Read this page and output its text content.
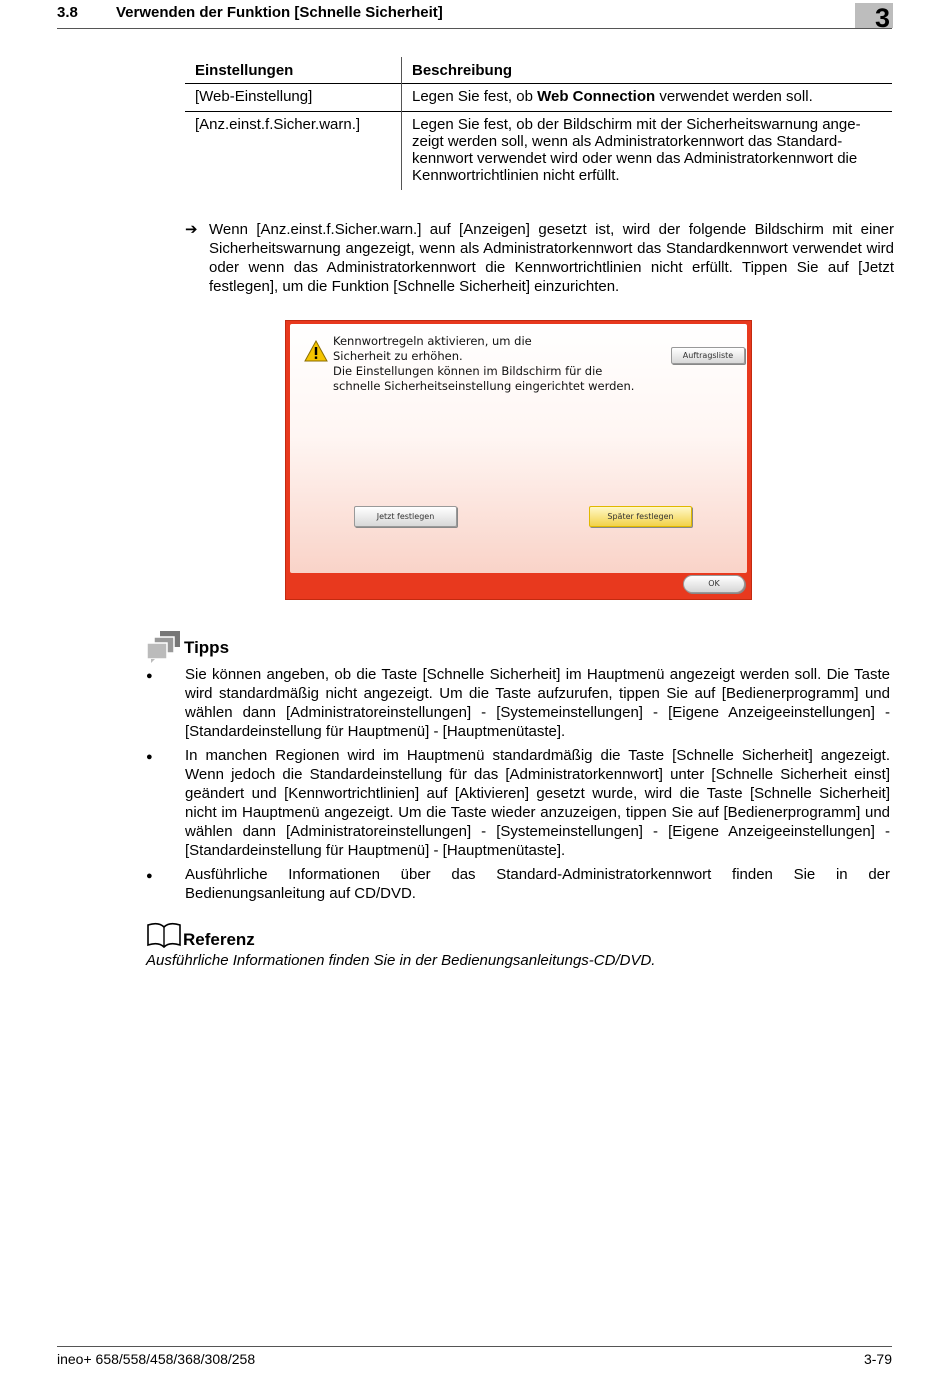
3.8	Verwenden der Funktion [Schnelle Sicherheit]	3
Einstellungen	Beschreibung
[Web-Einstellung]	Legen Sie fest, ob Web Connection verwendet werden soll.
[Anz.einst.f.Sicher.warn.]	Legen Sie fest, ob der Bildschirm mit der Sicherheitswarnung ange-zeigt werden soll, wenn als Administratorkennwort das Standard-kennwort verwendet wird oder wenn das Administratorkennwort die Kennwortrichtlinien nicht erfüllt.
➔ Wenn [Anz.einst.f.Sicher.warn.] auf [Anzeigen] gesetzt ist, wird der folgende Bildschirm mit einer Sicherheitswarnung angezeigt, wenn als Administratorkennwort das Standardkennwort verwendet wird oder wenn das Administratorkennwort die Kennwortrichtlinien nicht erfüllt. Tippen Sie auf [Jetzt festlegen], um die Funktion [Schnelle Sicherheit] einzurichten.
Kennwortregeln aktivieren, um die
Sicherheit zu erhöhen.
Die Einstellungen können im Bildschirm für die
schnelle Sicherheitseinstellung eingerichtet werden.
Auftragsliste
Jetzt festlegen	Später festlegen
OK
Tipps
● Sie können angeben, ob die Taste [Schnelle Sicherheit] im Hauptmenü angezeigt werden soll. Die Taste wird standardmäßig nicht angezeigt. Um die Taste aufzurufen, tippen Sie auf [Bedienerprogramm] und wählen dann [Administratoreinstellungen] - [Systemeinstellungen] - [Eigene Anzeigeeinstellungen] - [Standardeinstellung für Hauptmenü] - [Hauptmenütaste].
● In manchen Regionen wird im Hauptmenü standardmäßig die Taste [Schnelle Sicherheit] angezeigt. Wenn jedoch die Standardeinstellung für das [Administratorkennwort] unter [Schnelle Sicherheit einst] geändert und [Kennwortrichtlinien] auf [Aktivieren] gesetzt wurde, wird die Taste [Schnelle Sicherheit] nicht im Hauptmenü angezeigt. Um die Taste wieder anzuzeigen, tippen Sie auf [Bedienerprogramm] und wählen dann [Administratoreinstellungen] - [Systemeinstellungen] - [Eigene Anzeigeeinstellungen] - [Standardeinstellung für Hauptmenü] - [Hauptmenütaste].
● Ausführliche Informationen über das Standard-Administratorkennwort finden Sie in der Bedienungsanleitung auf CD/DVD.
Referenz
Ausführliche Informationen finden Sie in der Bedienungsanleitungs-CD/DVD.
ineo+ 658/558/458/368/308/258	3-79
